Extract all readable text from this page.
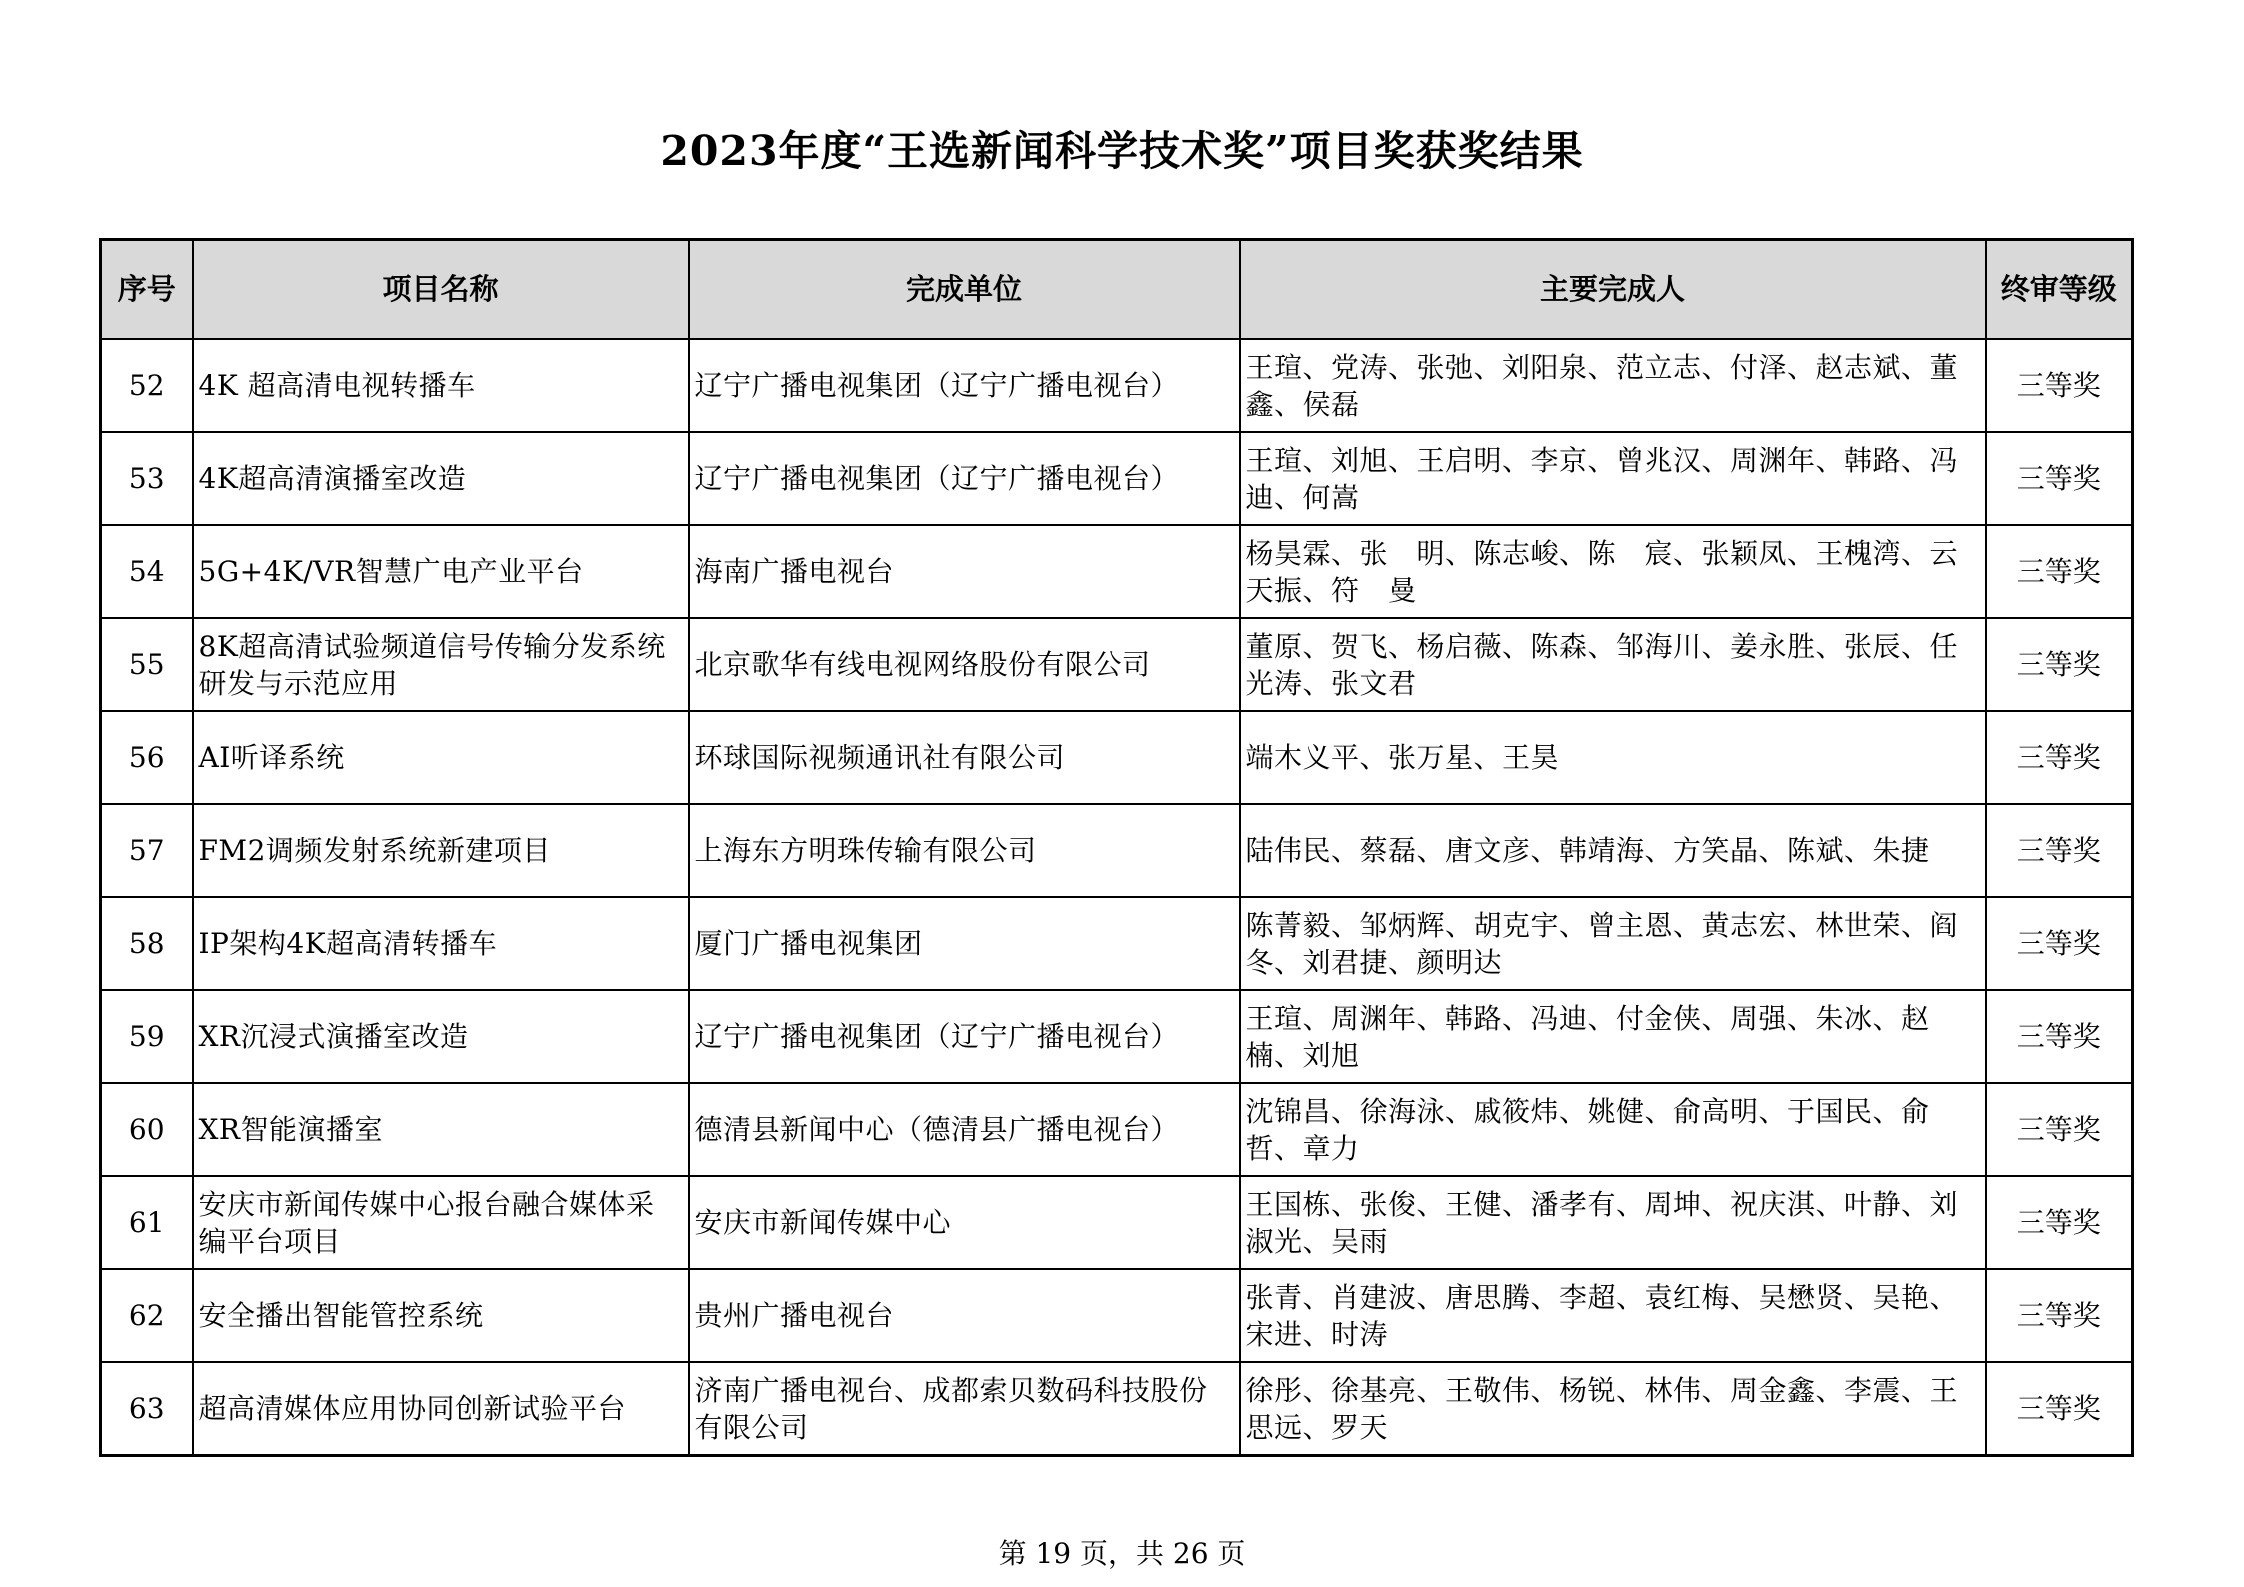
2023年度“王选新闻科学技术奖”项目奖获奖结果
序号	项目名称	完成单位	主要完成人	终审等级
52	4K 超高清电视转播车	辽宁广播电视集团（辽宁广播电视台）	王瑄、党涛、张弛、刘阳泉、范立志、付泽、赵志斌、董鑫、侯磊	三等奖
53	4K超高清演播室改造	辽宁广播电视集团（辽宁广播电视台）	王瑄、刘旭、王启明、李京、曾兆汉、周渊年、韩路、冯迪、何嵩	三等奖
54	5G+4K/VR智慧广电产业平台	海南广播电视台	杨昊霖、张　明、陈志峻、陈　宸、张颖凤、王槐湾、云天振、符　曼	三等奖
55	8K超高清试验频道信号传输分发系统研发与示范应用	北京歌华有线电视网络股份有限公司	董原、贺飞、杨启薇、陈森、邹海川、姜永胜、张辰、任光涛、张文君	三等奖
56	AI听译系统	环球国际视频通讯社有限公司	端木义平、张万星、王昊	三等奖
57	FM2调频发射系统新建项目	上海东方明珠传输有限公司	陆伟民、蔡磊、唐文彦、韩靖海、方笑晶、陈斌、朱捷	三等奖
58	IP架构4K超高清转播车	厦门广播电视集团	陈菁毅、邹炳辉、胡克宇、曾主恩、黄志宏、林世荣、阎冬、刘君捷、颜明达	三等奖
59	XR沉浸式演播室改造	辽宁广播电视集团（辽宁广播电视台）	王瑄、周渊年、韩路、冯迪、付金侠、周强、朱冰、赵楠、刘旭	三等奖
60	XR智能演播室	德清县新闻中心（德清县广播电视台）	沈锦昌、徐海泳、戚筱炜、姚健、俞高明、于国民、俞哲、章力	三等奖
61	安庆市新闻传媒中心报台融合媒体采编平台项目	安庆市新闻传媒中心	王国栋、张俊、王健、潘孝有、周坤、祝庆淇、叶静、刘淑光、吴雨	三等奖
62	安全播出智能管控系统	贵州广播电视台	张青、肖建波、唐思腾、李超、袁红梅、吴懋贤、吴艳、宋进、时涛	三等奖
63	超高清媒体应用协同创新试验平台	济南广播电视台、成都索贝数码科技股份有限公司	徐彤、徐基亮、王敬伟、杨锐、林伟、周金鑫、李震、王思远、罗天	三等奖
第 19 页，共 26 页
